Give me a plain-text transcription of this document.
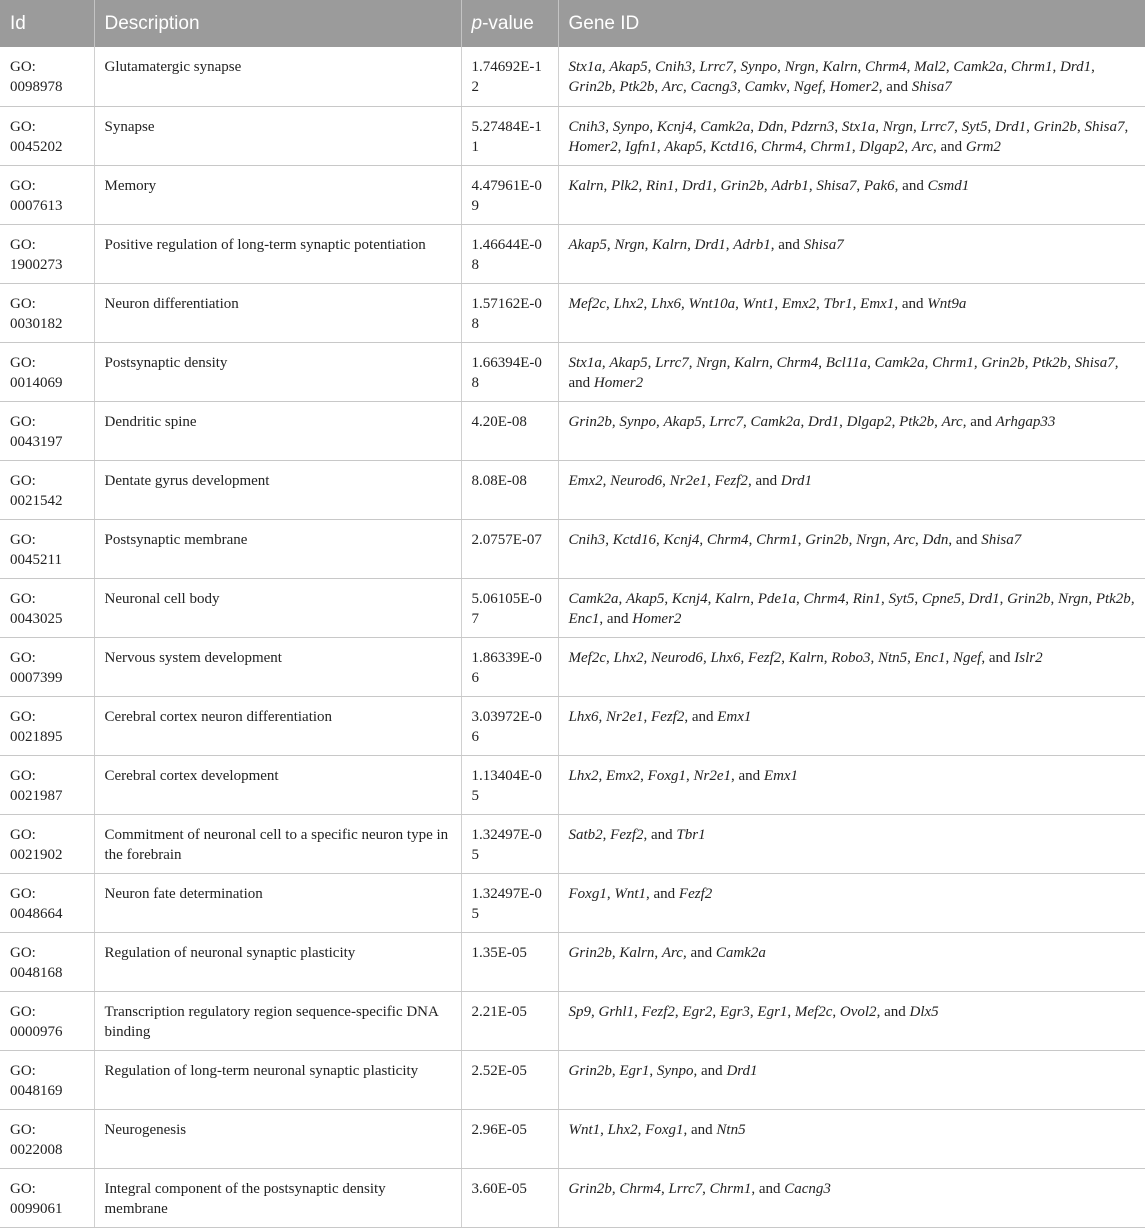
Id	Description	p-value	Gene ID
GO: 0098978	Glutamatergic synapse	1.74692E-12	Stx1a, Akap5, Cnih3, Lrrc7, Synpo, Nrgn, Kalrn, Chrm4, Mal2, Camk2a, Chrm1, Drd1, Grin2b, Ptk2b, Arc, Cacng3, Camkv, Ngef, Homer2, and Shisa7
GO: 0045202	Synapse	5.27484E-11	Cnih3, Synpo, Kcnj4, Camk2a, Ddn, Pdzrn3, Stx1a, Nrgn, Lrrc7, Syt5, Drd1, Grin2b, Shisa7, Homer2, Igfn1, Akap5, Kctd16, Chrm4, Chrm1, Dlgap2, Arc, and Grm2
GO: 0007613	Memory	4.47961E-09	Kalrn, Plk2, Rin1, Drd1, Grin2b, Adrb1, Shisa7, Pak6, and Csmd1
GO: 1900273	Positive regulation of long-term synaptic potentiation	1.46644E-08	Akap5, Nrgn, Kalrn, Drd1, Adrb1, and Shisa7
GO: 0030182	Neuron differentiation	1.57162E-08	Mef2c, Lhx2, Lhx6, Wnt10a, Wnt1, Emx2, Tbr1, Emx1, and Wnt9a
GO: 0014069	Postsynaptic density	1.66394E-08	Stx1a, Akap5, Lrrc7, Nrgn, Kalrn, Chrm4, Bcl11a, Camk2a, Chrm1, Grin2b, Ptk2b, Shisa7, and Homer2
GO: 0043197	Dendritic spine	4.20E-08	Grin2b, Synpo, Akap5, Lrrc7, Camk2a, Drd1, Dlgap2, Ptk2b, Arc, and Arhgap33
GO: 0021542	Dentate gyrus development	8.08E-08	Emx2, Neurod6, Nr2e1, Fezf2, and Drd1
GO: 0045211	Postsynaptic membrane	2.0757E-07	Cnih3, Kctd16, Kcnj4, Chrm4, Chrm1, Grin2b, Nrgn, Arc, Ddn, and Shisa7
GO: 0043025	Neuronal cell body	5.06105E-07	Camk2a, Akap5, Kcnj4, Kalrn, Pde1a, Chrm4, Rin1, Syt5, Cpne5, Drd1, Grin2b, Nrgn, Ptk2b, Enc1, and Homer2
GO: 0007399	Nervous system development	1.86339E-06	Mef2c, Lhx2, Neurod6, Lhx6, Fezf2, Kalrn, Robo3, Ntn5, Enc1, Ngef, and Islr2
GO: 0021895	Cerebral cortex neuron differentiation	3.03972E-06	Lhx6, Nr2e1, Fezf2, and Emx1
GO: 0021987	Cerebral cortex development	1.13404E-05	Lhx2, Emx2, Foxg1, Nr2e1, and Emx1
GO: 0021902	Commitment of neuronal cell to a specific neuron type in the forebrain	1.32497E-05	Satb2, Fezf2, and Tbr1
GO: 0048664	Neuron fate determination	1.32497E-05	Foxg1, Wnt1, and Fezf2
GO: 0048168	Regulation of neuronal synaptic plasticity	1.35E-05	Grin2b, Kalrn, Arc, and Camk2a
GO: 0000976	Transcription regulatory region sequence-specific DNA binding	2.21E-05	Sp9, Grhl1, Fezf2, Egr2, Egr3, Egr1, Mef2c, Ovol2, and Dlx5
GO: 0048169	Regulation of long-term neuronal synaptic plasticity	2.52E-05	Grin2b, Egr1, Synpo, and Drd1
GO: 0022008	Neurogenesis	2.96E-05	Wnt1, Lhx2, Foxg1, and Ntn5
GO: 0099061	Integral component of the postsynaptic density membrane	3.60E-05	Grin2b, Chrm4, Lrrc7, Chrm1, and Cacng3
